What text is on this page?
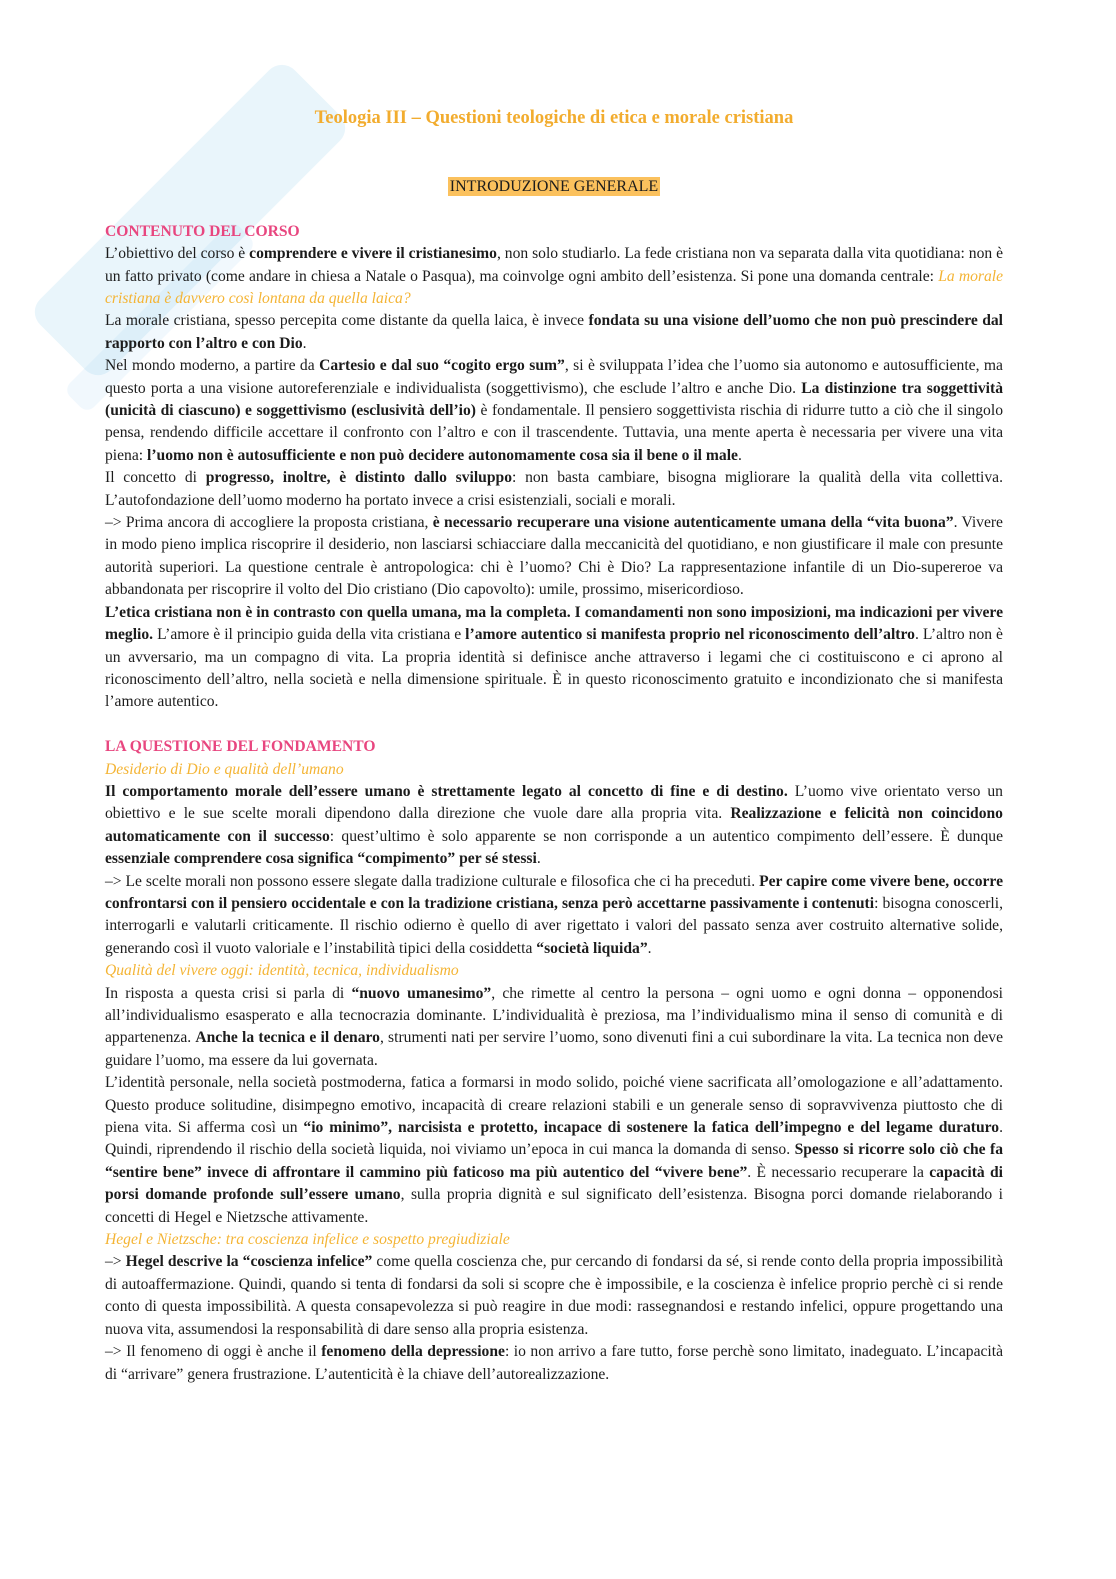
Teologia III – Questioni teologiche di etica e morale cristiana
INTRODUZIONE GENERALE
CONTENUTO DEL CORSO

L’obiettivo del corso è comprendere e vivere il cristianesimo, non solo studiarlo. La fede cristiana non va separata dalla vita quotidiana: non è un fatto privato (come andare in chiesa a Natale o Pasqua), ma coinvolge ogni ambito dell’esistenza. Si pone una domanda centrale: La morale cristiana è davvero così lontana da quella laica?

La morale cristiana, spesso percepita come distante da quella laica, è invece fondata su una visione dell’uomo che non può prescindere dal rapporto con l’altro e con Dio.

Nel mondo moderno, a partire da Cartesio e dal suo “cogito ergo sum”, si è sviluppata l’idea che l’uomo sia autonomo e autosufficiente, ma questo porta a una visione autoreferenziale e individualista (soggettivismo), che esclude l’altro e anche Dio. La distinzione tra soggettività (unicità di ciascuno) e soggettivismo (esclusività dell’io) è fondamentale. Il pensiero soggettivista rischia di ridurre tutto a ciò che il singolo pensa, rendendo difficile accettare il confronto con l’altro e con il trascendente. Tuttavia, una mente aperta è necessaria per vivere una vita piena: l’uomo non è autosufficiente e non può decidere autonomamente cosa sia il bene o il male.

Il concetto di progresso, inoltre, è distinto dallo sviluppo: non basta cambiare, bisogna migliorare la qualità della vita collettiva. L’autofondazione dell’uomo moderno ha portato invece a crisi esistenziali, sociali e morali.

–> Prima ancora di accogliere la proposta cristiana, è necessario recuperare una visione autenticamente umana della “vita buona”. Vivere in modo pieno implica riscoprire il desiderio, non lasciarsi schiacciare dalla meccanicità del quotidiano, e non giustificare il male con presunte autorità superiori. La questione centrale è antropologica: chi è l’uomo? Chi è Dio? La rappresentazione infantile di un Dio-supereroe va abbandonata per riscoprire il volto del Dio cristiano (Dio capovolto): umile, prossimo, misericordioso.

L’etica cristiana non è in contrasto con quella umana, ma la completa. I comandamenti non sono imposizioni, ma indicazioni per vivere meglio. L’amore è il principio guida della vita cristiana e l’amore autentico si manifesta proprio nel riconoscimento dell’altro. L’altro non è un avversario, ma un compagno di vita. La propria identità si definisce anche attraverso i legami che ci costituiscono e ci aprono al riconoscimento dell’altro, nella società e nella dimensione spirituale. È in questo riconoscimento gratuito e incondizionato che si manifesta l’amore autentico.

LA QUESTIONE DEL FONDAMENTO
Desiderio di Dio e qualità dell’umano

Il comportamento morale dell’essere umano è strettamente legato al concetto di fine e di destino. L’uomo vive orientato verso un obiettivo e le sue scelte morali dipendono dalla direzione che vuole dare alla propria vita. Realizzazione e felicità non coincidono automaticamente con il successo: quest’ultimo è solo apparente se non corrisponde a un autentico compimento dell’essere. È dunque essenziale comprendere cosa significa “compimento” per sé stessi.

–> Le scelte morali non possono essere slegate dalla tradizione culturale e filosofica che ci ha preceduti. Per capire come vivere bene, occorre confrontarsi con il pensiero occidentale e con la tradizione cristiana, senza però accettarne passivamente i contenuti: bisogna conoscerli, interrogarli e valutarli criticamente. Il rischio odierno è quello di aver rigettato i valori del passato senza aver costruito alternative solide, generando così il vuoto valoriale e l’instabilità tipici della cosiddetta “società liquida”.

Qualità del vivere oggi: identità, tecnica, individualismo

In risposta a questa crisi si parla di “nuovo umanesimo”, che rimette al centro la persona – ogni uomo e ogni donna – opponendosi all’individualismo esasperato e alla tecnocrazia dominante. L’individualità è preziosa, ma l’individualismo mina il senso di comunità e di appartenenza. Anche la tecnica e il denaro, strumenti nati per servire l’uomo, sono divenuti fini a cui subordinare la vita. La tecnica non deve guidare l’uomo, ma essere da lui governata.

L’identità personale, nella società postmoderna, fatica a formarsi in modo solido, poiché viene sacrificata all’omologazione e all’adattamento. Questo produce solitudine, disimpegno emotivo, incapacità di creare relazioni stabili e un generale senso di sopravvivenza piuttosto che di piena vita. Si afferma così un “io minimo”, narcisista e protetto, incapace di sostenere la fatica dell’impegno e del legame duraturo. Quindi, riprendendo il rischio della società liquida, noi viviamo un’epoca in cui manca la domanda di senso. Spesso si ricorre solo ciò che fa “sentire bene” invece di affrontare il cammino più faticoso ma più autentico del “vivere bene”. È necessario recuperare la capacità di porsi domande profonde sull’essere umano, sulla propria dignità e sul significato dell’esistenza. Bisogna porci domande rielaborando i concetti di Hegel e Nietzsche attivamente.

Hegel e Nietzsche: tra coscienza infelice e sospetto pregiudiziale

–> Hegel descrive la “coscienza infelice” come quella coscienza che, pur cercando di fondarsi da sé, si rende conto della propria impossibilità di autoaffermazione. Quindi, quando si tenta di fondarsi da soli si scopre che è impossibile, e la coscienza è infelice proprio perchè ci si rende conto di questa impossibilità. A questa consapevolezza si può reagire in due modi: rassegnandosi e restando infelici, oppure progettando una nuova vita, assumendosi la responsabilità di dare senso alla propria esistenza.

–> Il fenomeno di oggi è anche il fenomeno della depressione: io non arrivo a fare tutto, forse perchè sono limitato, inadeguato. L’incapacità di “arrivare” genera frustrazione. L’autenticità è la chiave dell’autorealizzazione.
